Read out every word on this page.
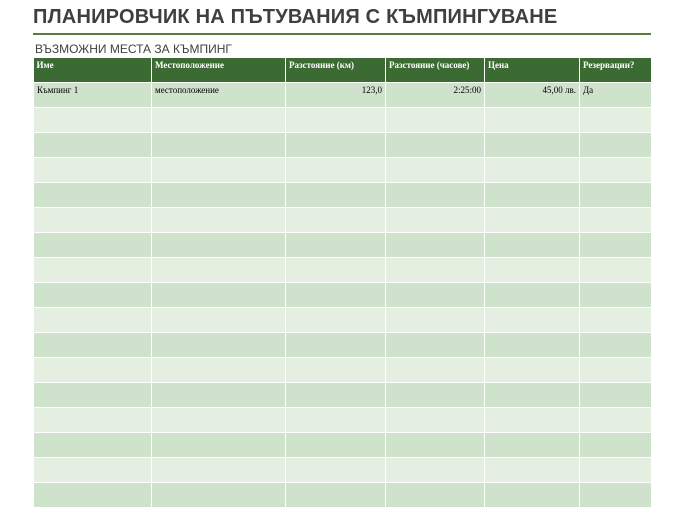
ПЛАНИРОВЧИК НА ПЪТУВАНИЯ С КЪМПИНГУВАНЕ
ВЪЗМОЖНИ МЕСТА ЗА КЪМПИНГ
Име	Местоположение	Разстояние (км)	Разстояние (часове)	Цена	Резервации?
Къмпинг 1	местоположение	123,0	2:25:00	45,00 лв.	Да
